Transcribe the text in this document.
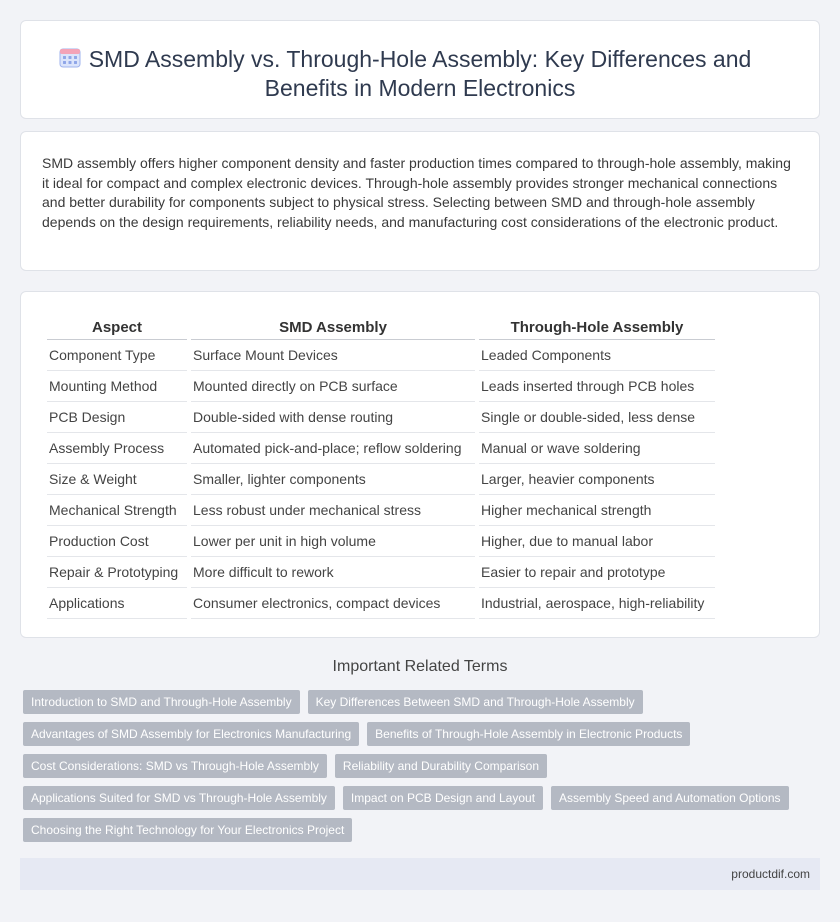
SMD Assembly vs. Through-Hole Assembly: Key Differences and Benefits in Modern Electronics

SMD assembly offers higher component density and faster production times compared to through-hole assembly, making it ideal for compact and complex electronic devices. Through-hole assembly provides stronger mechanical connections and better durability for components subject to physical stress. Selecting between SMD and through-hole assembly depends on the design requirements, reliability needs, and manufacturing cost considerations of the electronic product.

Aspect	SMD Assembly	Through-Hole Assembly
Component Type	Surface Mount Devices	Leaded Components
Mounting Method	Mounted directly on PCB surface	Leads inserted through PCB holes
PCB Design	Double-sided with dense routing	Single or double-sided, less dense
Assembly Process	Automated pick-and-place; reflow soldering	Manual or wave soldering
Size & Weight	Smaller, lighter components	Larger, heavier components
Mechanical Strength	Less robust under mechanical stress	Higher mechanical strength
Production Cost	Lower per unit in high volume	Higher, due to manual labor
Repair & Prototyping	More difficult to rework	Easier to repair and prototype
Applications	Consumer electronics, compact devices	Industrial, aerospace, high-reliability
Important Related Terms
Introduction to SMD and Through-Hole Assembly	Key Differences Between SMD and Through-Hole Assembly
Advantages of SMD Assembly for Electronics Manufacturing	Benefits of Through-Hole Assembly in Electronic Products
Cost Considerations: SMD vs Through-Hole Assembly	Reliability and Durability Comparison
Applications Suited for SMD vs Through-Hole Assembly	Impact on PCB Design and Layout	Assembly Speed and Automation Options
Choosing the Right Technology for Your Electronics Project
productdif.com
